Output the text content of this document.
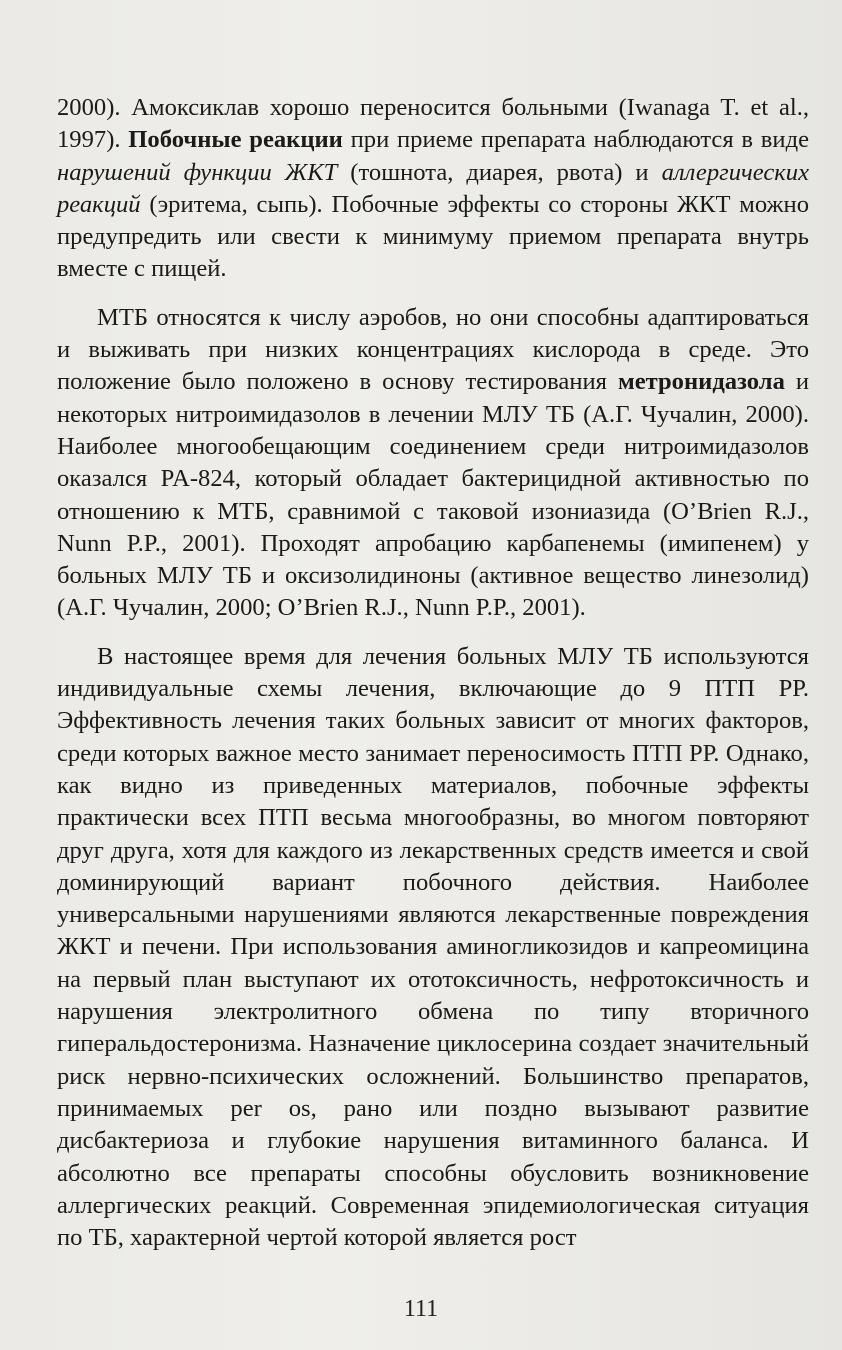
2000). Амоксиклав хорошо переносится больными (Iwanaga T. et al., 1997). Побочные реакции при приеме препарата наблюдаются в виде нарушений функции ЖКТ (тошнота, диарея, рвота) и аллергических реакций (эритема, сыпь). Побочные эффекты со стороны ЖКТ можно предупредить или свести к минимуму приемом препарата внутрь вместе с пищей.

МТБ относятся к числу аэробов, но они способны адаптироваться и выживать при низких концентрациях кислорода в среде. Это положение было положено в основу тестирования метронидазола и некоторых нитроимидазолов в лечении МЛУ ТБ (А.Г. Чучалин, 2000). Наиболее многообещающим соединением среди нитроимидазолов оказался PA-824, который обладает бактерицидной активностью по отношению к МТБ, сравнимой с таковой изониазида (O’Brien R.J., Nunn P.P., 2001). Проходят апробацию карбапенемы (имипенем) у больных МЛУ ТБ и оксизолидиноны (активное вещество линезолид) (А.Г. Чучалин, 2000; O’Brien R.J., Nunn P.P., 2001).

В настоящее время для лечения больных МЛУ ТБ используются индивидуальные схемы лечения, включающие до 9 ПТП РР. Эффективность лечения таких больных зависит от многих факторов, среди которых важное место занимает переносимость ПТП РР. Однако, как видно из приведенных материалов, побочные эффекты практически всех ПТП весьма многообразны, во многом повторяют друг друга, хотя для каждого из лекарственных средств имеется и свой доминирующий вариант побочного действия. Наиболее универсальными нарушениями являются лекарственные повреждения ЖКТ и печени. При использования аминогликозидов и капреомицина на первый план выступают их ототоксичность, нефротоксичность и нарушения электролитного обмена по типу вторичного гиперальдостеронизма. Назначение циклосерина создает значительный риск нервно-психических осложнений. Большинство препаратов, принимаемых per os, рано или поздно вызывают развитие дисбактериоза и глубокие нарушения витаминного баланса. И абсолютно все препараты способны обусловить возникновение аллергических реакций. Современная эпидемиологическая ситуация по ТБ, характерной чертой которой является рост

111
